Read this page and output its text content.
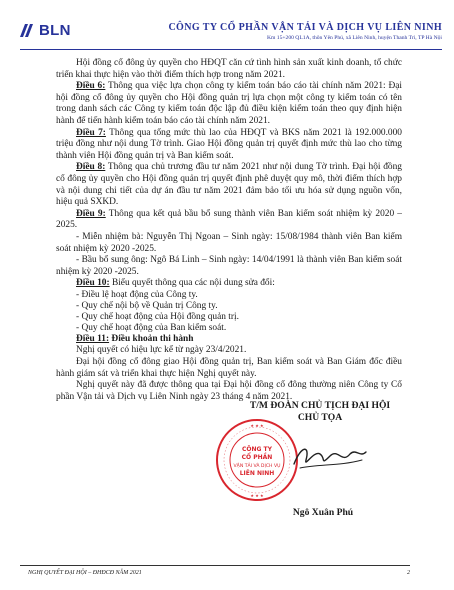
BLN	CÔNG TY CỔ PHẦN VẬN TẢI VÀ DỊCH VỤ LIÊN NINH
Km 15+200 QL1A, thôn Yên Phú, xã Liên Ninh, huyện Thanh Trì, TP Hà Nội

Hội đồng cổ đông ủy quyền cho HĐQT căn cứ tình hình sản xuất kinh doanh, tổ chức triển khai thực hiện vào thời điểm thích hợp trong năm 2021.

Điều 6: Thông qua việc lựa chọn công ty kiểm toán báo cáo tài chính năm 2021: Đại hội đồng cổ đông ủy quyền cho Hội đồng quản trị lựa chọn một công ty kiểm toán có tên trong danh sách các Công ty kiểm toán độc lập đủ điều kiện kiểm toán theo quy định hiện hành để tiến hành kiểm toán báo cáo tài chính năm 2021.

Điều 7: Thông qua tổng mức thù lao của HĐQT và BKS năm 2021 là 192.000.000 triệu đồng như nội dung Tờ trình. Giao Hội đồng quản trị quyết định mức thù lao cho từng thành viên Hội đồng quản trị và Ban kiểm soát.

Điều 8: Thông qua chủ trương đầu tư năm 2021 như nội dung Tờ trình. Đại hội đồng cổ đông ủy quyền cho Hội đồng quản trị quyết định phê duyệt quy mô, thời điểm thích hợp và nội dung chi tiết của dự án đầu tư năm 2021 đảm bảo tối ưu hóa sử dụng nguồn vốn, hiệu quả SXKD.

Điều 9: Thông qua kết quả bầu bổ sung thành viên Ban kiểm soát nhiệm kỳ 2020 – 2025.

- Miễn nhiệm bà: Nguyễn Thị Ngoan – Sinh ngày: 15/08/1984 thành viên Ban kiểm soát nhiệm kỳ 2020 -2025.

- Bầu bổ sung ông: Ngô Bá Linh – Sinh ngày: 14/04/1991 là thành viên Ban kiểm soát nhiệm kỳ 2020 -2025.

Điều 10: Biểu quyết thông qua các nội dung sửa đổi:

- Điều lệ hoạt động của Công ty.

- Quy chế nội bộ về Quản trị Công ty.

- Quy chế hoạt động của Hội đồng quản trị.

- Quy chế hoạt động của Ban kiểm soát.

Điều 11: Điều khoản thi hành

Nghị quyết có hiệu lực kể từ ngày 23/4/2021.

Đại hội đồng cổ đông giao Hội đồng quản trị, Ban kiểm soát và Ban Giám đốc điều hành giám sát và triển khai thực hiện Nghị quyết này.

Nghị quyết này đã được thông qua tại Đại hội đồng cổ đông thường niên Công ty Cổ phần Vận tải và Dịch vụ Liên Ninh ngày 23 tháng 4 năm 2021.

T/M ĐOÀN CHỦ TỊCH ĐẠI HỘI
CHỦ TỌA
CÔNG TY
CỔ PHẦN
VẬN TẢI VÀ DỊCH VỤ
LIÊN NINH
★ ★ ★
★ ★ ★
Ngô Xuân Phú
NGHỊ QUYẾT ĐẠI HỘI – ĐHĐCĐ NĂM 2021	2
